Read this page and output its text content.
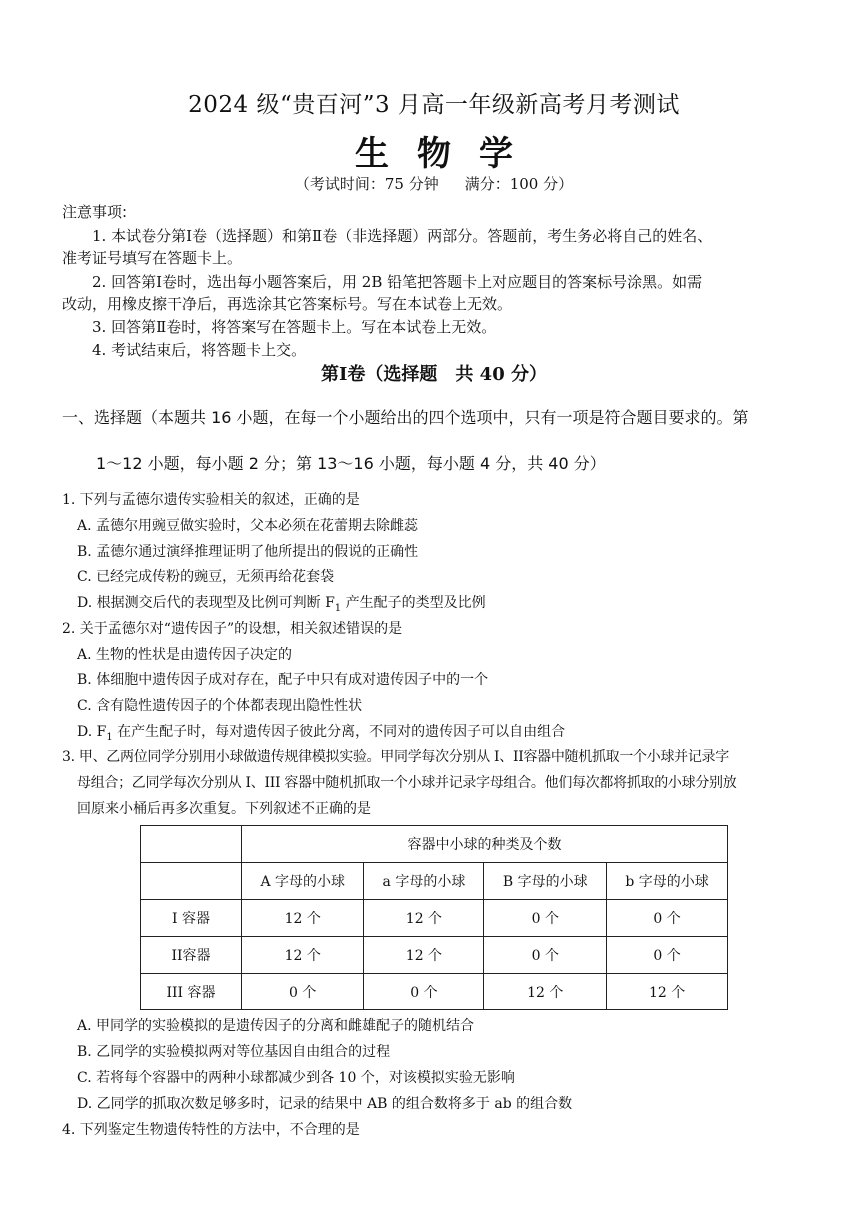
2024 级“贵百河”3 月高一年级新高考月考测试
生物学
（考试时间：75 分钟 满分：100 分）
注意事项:
1. 本试卷分第Ⅰ卷（选择题）和第Ⅱ卷（非选择题）两部分。答题前，考生务必将自己的姓名、
准考证号填写在答题卡上。
2. 回答第Ⅰ卷时，选出每小题答案后，用 2B 铅笔把答题卡上对应题目的答案标号涂黑。如需
改动，用橡皮擦干净后，再选涂其它答案标号。写在本试卷上无效。
3. 回答第Ⅱ卷时，将答案写在答题卡上。写在本试卷上无效。
4. 考试结束后，将答题卡上交。
第Ⅰ卷（选择题　共 40 分）
一、选择题（本题共 16 小题，在每一个小题给出的四个选项中，只有一项是符合题目要求的。第
1～12 小题，每小题 2 分；第 13～16 小题，每小题 4 分，共 40 分）
1. 下列与孟德尔遗传实验相关的叙述，正确的是
A. 孟德尔用豌豆做实验时，父本必须在花蕾期去除雌蕊
B. 孟德尔通过演绎推理证明了他所提出的假说的正确性
C. 已经完成传粉的豌豆，无须再给花套袋
D. 根据测交后代的表现型及比例可判断 $F_1$ 产生配子的类型及比例
2. 关于孟德尔对“遗传因子”的设想，相关叙述错误的是
A. 生物的性状是由遗传因子决定的
B. 体细胞中遗传因子成对存在，配子中只有成对遗传因子中的一个
C. 含有隐性遗传因子的个体都表现出隐性性状
D. $F_1$ 在产生配子时，每对遗传因子彼此分离，不同对的遗传因子可以自由组合
3. 甲、乙两位同学分别用小球做遗传规律模拟实验。甲同学每次分别从 I、II容器中随机抓取一个小球并记录字
母组合；乙同学每次分别从 I、III 容器中随机抓取一个小球并记录字母组合。他们每次都将抓取的小球分别放
回原来小桶后再多次重复。下列叙述不正确的是
	容器中小球的种类及个数			
	A 字母的小球	a 字母的小球	B 字母的小球	b 字母的小球
I 容器	12 个	12 个	0 个	0 个
II容器	12 个	12 个	0 个	0 个
III 容器	0 个	0 个	12 个	12 个
A. 甲同学的实验模拟的是遗传因子的分离和雌雄配子的随机结合
B. 乙同学的实验模拟两对等位基因自由组合的过程
C. 若将每个容器中的两种小球都减少到各 10 个，对该模拟实验无影响
D. 乙同学的抓取次数足够多时，记录的结果中 AB 的组合数将多于 ab 的组合数
4. 下列鉴定生物遗传特性的方法中，不合理的是
